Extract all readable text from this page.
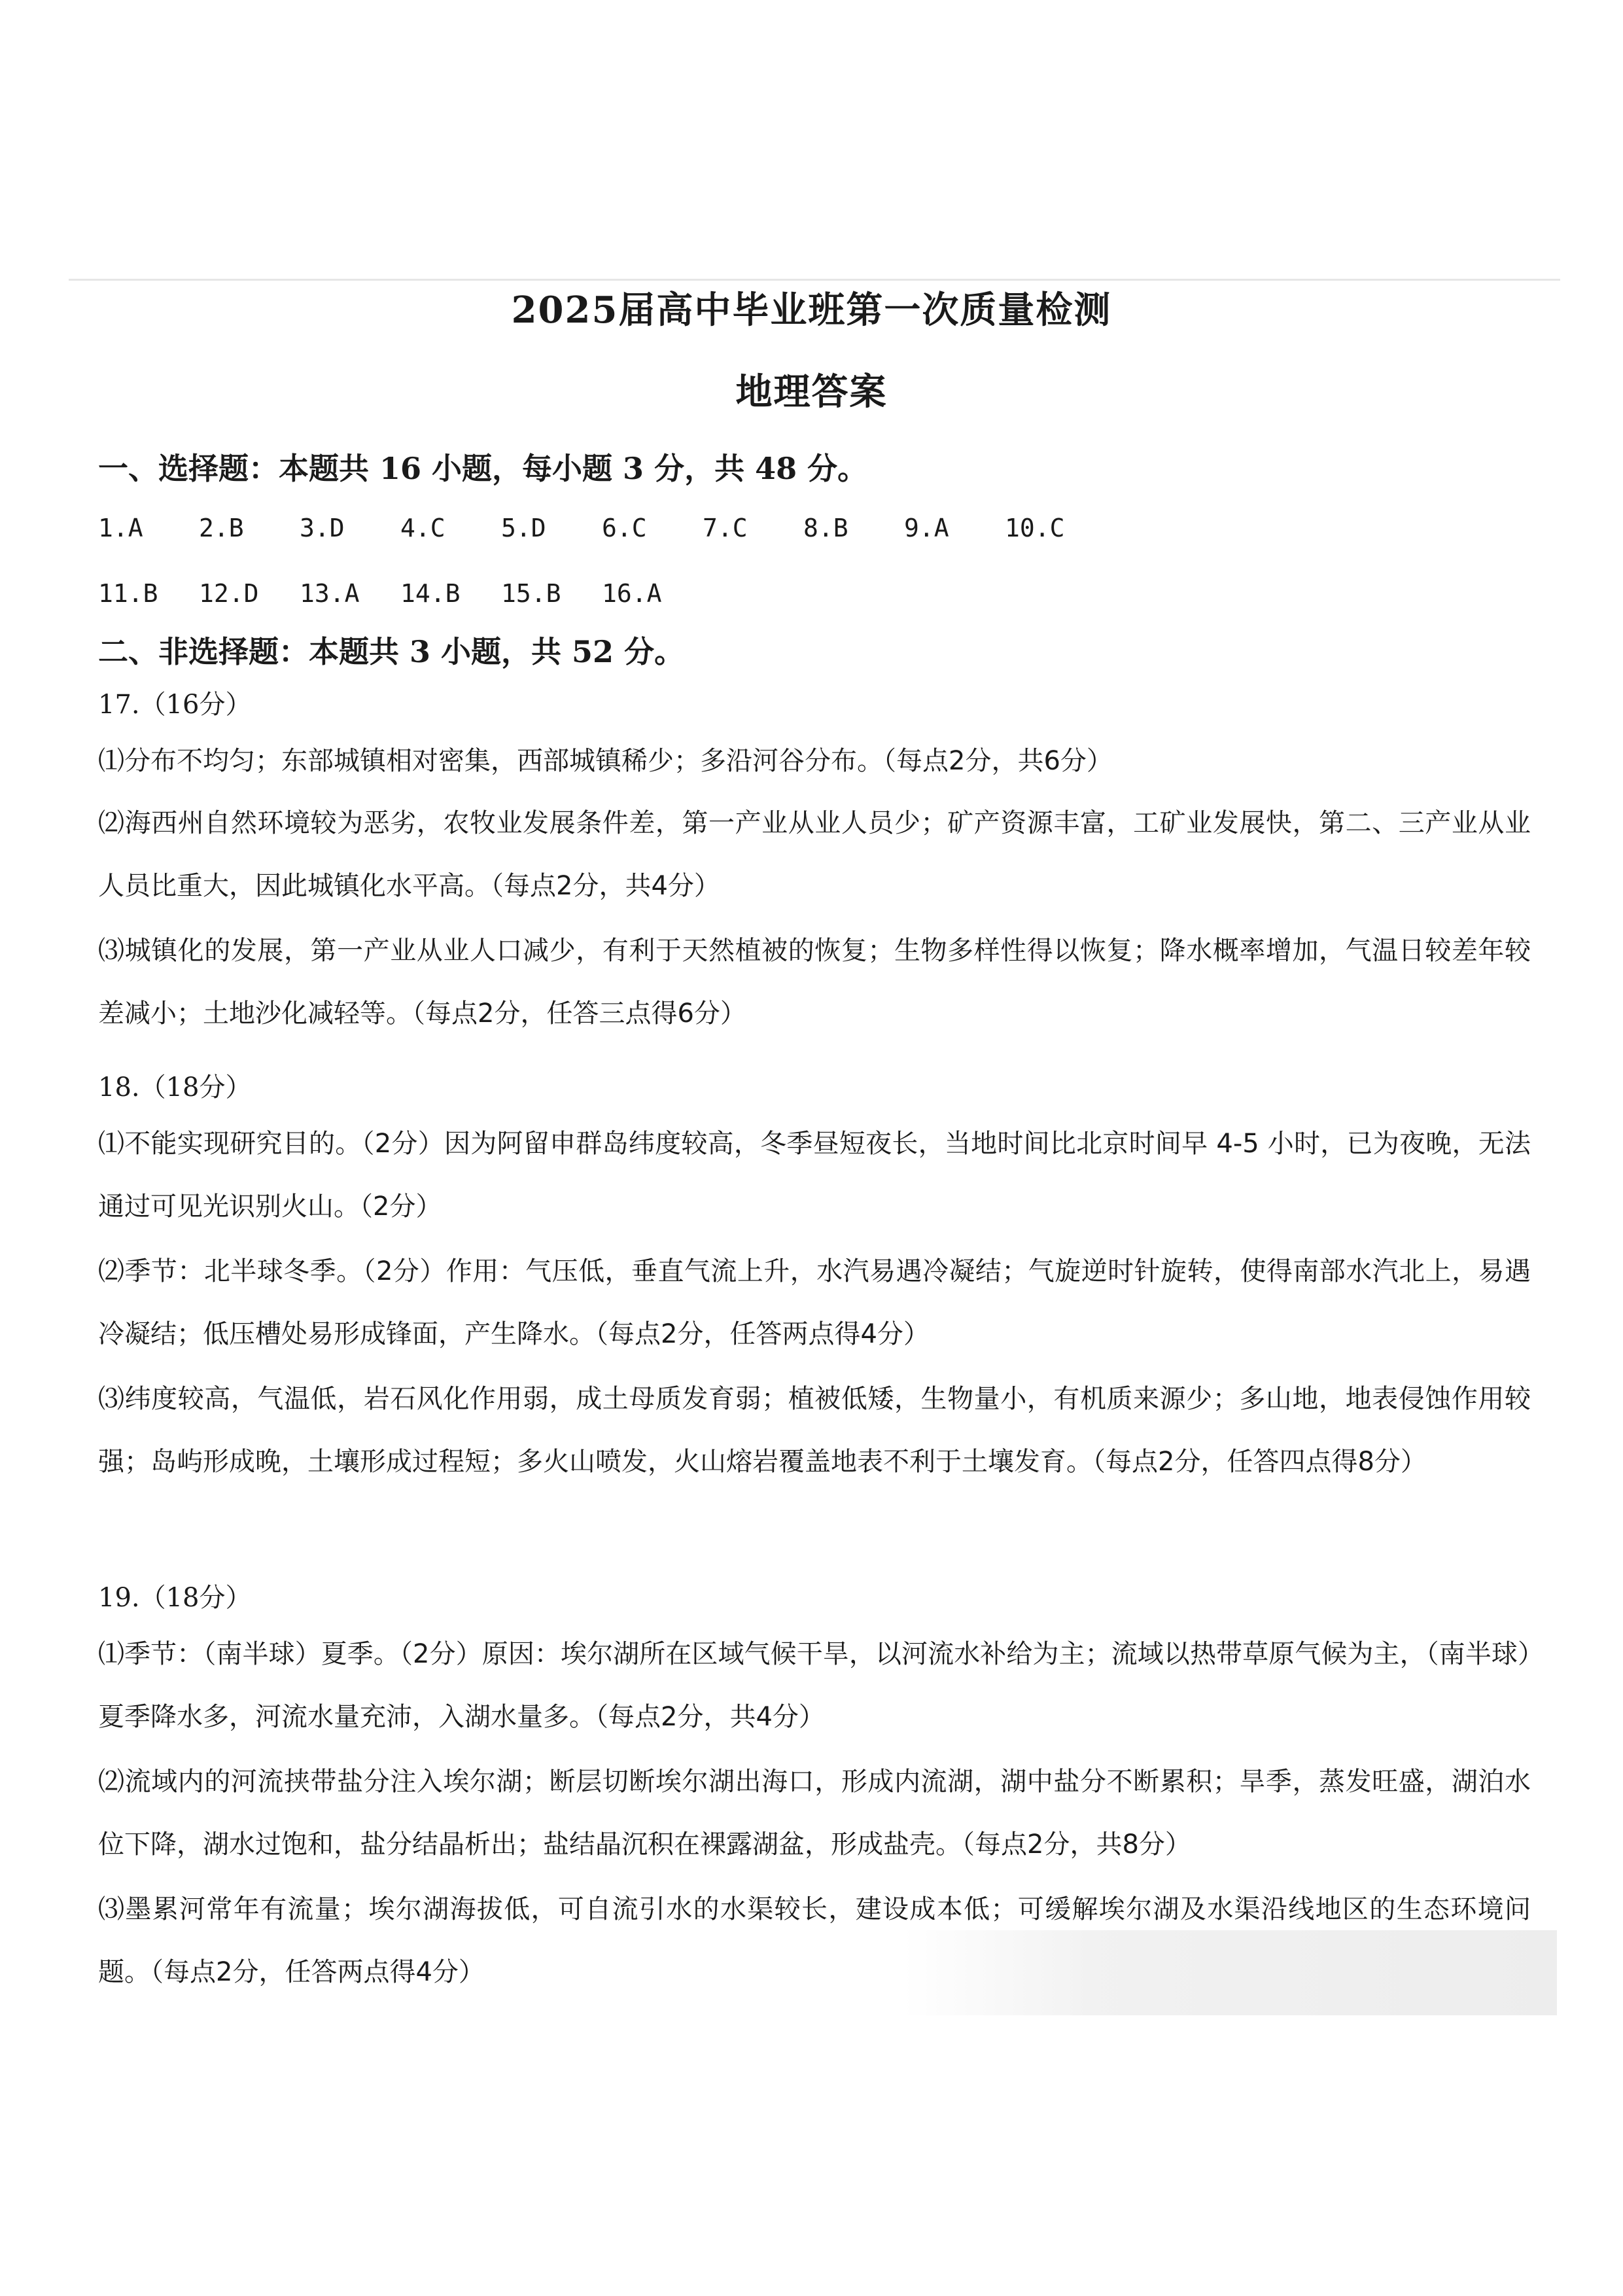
2025届高中毕业班第一次质量检测
地理答案
一、选择题：本题共 16 小题，每小题 3 分，共 48 分。
1.A 2.B 3.D 4.C 5.D 6.C 7.C 8.B 9.A 10.C
11.B 12.D 13.A 14.B 15.B 16.A
二、非选择题：本题共 3 小题，共 52 分。
17.（16分）
⑴分布不均匀；东部城镇相对密集，西部城镇稀少；多沿河谷分布。（每点2分，共6分）
⑵海西州自然环境较为恶劣，农牧业发展条件差，第一产业从业人员少；矿产资源丰富，工矿业发展快，第二、三产业从业人员比重大，因此城镇化水平高。（每点2分，共4分）
⑶城镇化的发展，第一产业从业人口减少，有利于天然植被的恢复；生物多样性得以恢复；降水概率增加，气温日较差年较差减小；土地沙化减轻等。（每点2分，任答三点得6分）
18.（18分）
⑴不能实现研究目的。（2分）因为阿留申群岛纬度较高，冬季昼短夜长，当地时间比北京时间早 4-5 小时，已为夜晚，无法通过可见光识别火山。（2分）
⑵季节：北半球冬季。（2分）作用：气压低，垂直气流上升，水汽易遇冷凝结；气旋逆时针旋转，使得南部水汽北上，易遇冷凝结；低压槽处易形成锋面，产生降水。（每点2分，任答两点得4分）
⑶纬度较高，气温低，岩石风化作用弱，成土母质发育弱；植被低矮，生物量小，有机质来源少；多山地，地表侵蚀作用较强；岛屿形成晚，土壤形成过程短；多火山喷发，火山熔岩覆盖地表不利于土壤发育。（每点2分，任答四点得8分）
19.（18分）
⑴季节：（南半球）夏季。（2分）原因：埃尔湖所在区域气候干旱，以河流水补给为主；流域以热带草原气候为主，（南半球）夏季降水多，河流水量充沛，入湖水量多。（每点2分，共4分）
⑵流域内的河流挟带盐分注入埃尔湖；断层切断埃尔湖出海口，形成内流湖，湖中盐分不断累积；旱季，蒸发旺盛，湖泊水位下降，湖水过饱和，盐分结晶析出；盐结晶沉积在裸露湖盆，形成盐壳。（每点2分，共8分）
⑶墨累河常年有流量；埃尔湖海拔低，可自流引水的水渠较长，建设成本低；可缓解埃尔湖及水渠沿线地区的生态环境问题。（每点2分，任答两点得4分）
